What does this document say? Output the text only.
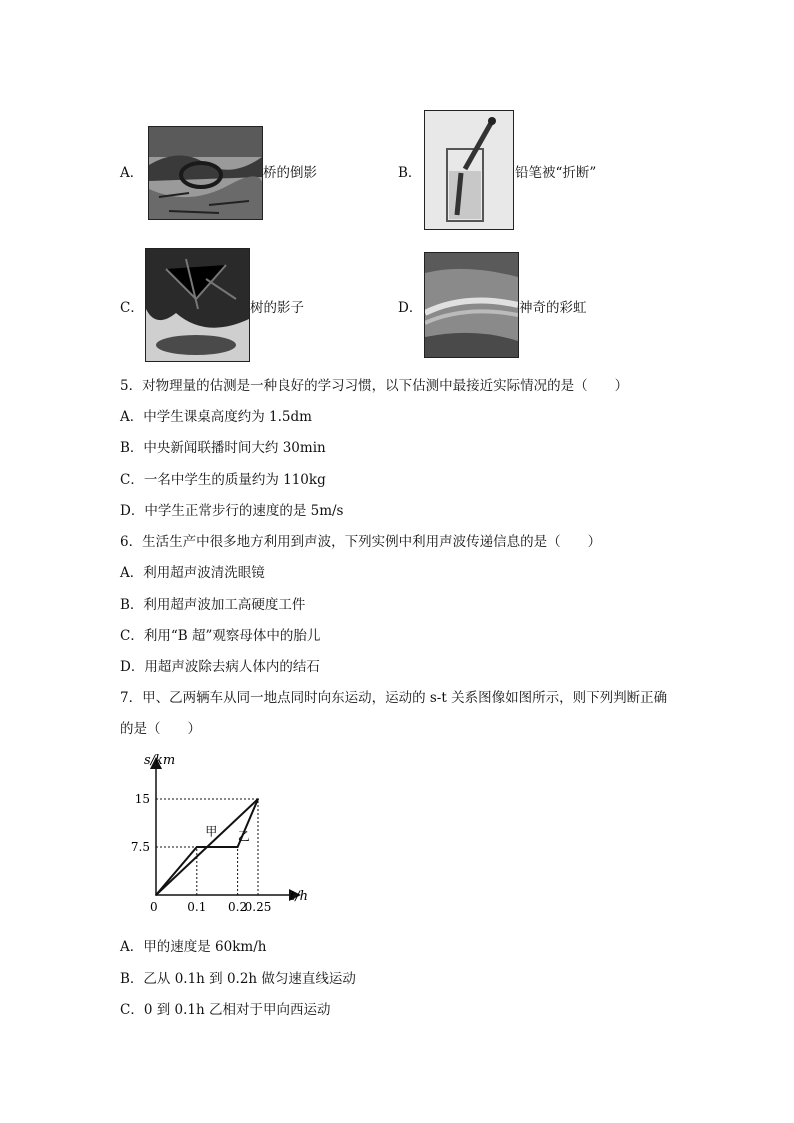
A．	桥的倒影	B．	铅笔被“折断”
C．	树的影子	D．	神奇的彩虹
5．对物理量的估测是一种良好的学习习惯，以下估测中最接近实际情况的是（　　）
A．中学生课桌高度约为 1.5dm
B．中央新闻联播时间大约 30min
C．一名中学生的质量约为 110kg
D．中学生正常步行的速度的是 5m/s
6．生活生产中很多地方利用到声波，下列实例中利用声波传递信息的是（　　）
A．利用超声波清洗眼镜
B．利用超声波加工高硬度工件
C．利用“B 超”观察母体中的胎儿
D．用超声波除去病人体内的结石
7．甲、乙两辆车从同一地点同时向东运动，运动的 s-t 关系图像如图所示，则下列判断正确
的是（　　）
s/km
t/h
0
7.5
15
0.1 0.2
0.25
甲 乙
A．甲的速度是 60km/h
B．乙从 0.1h 到 0.2h 做匀速直线运动
C．0 到 0.1h 乙相对于甲向西运动
